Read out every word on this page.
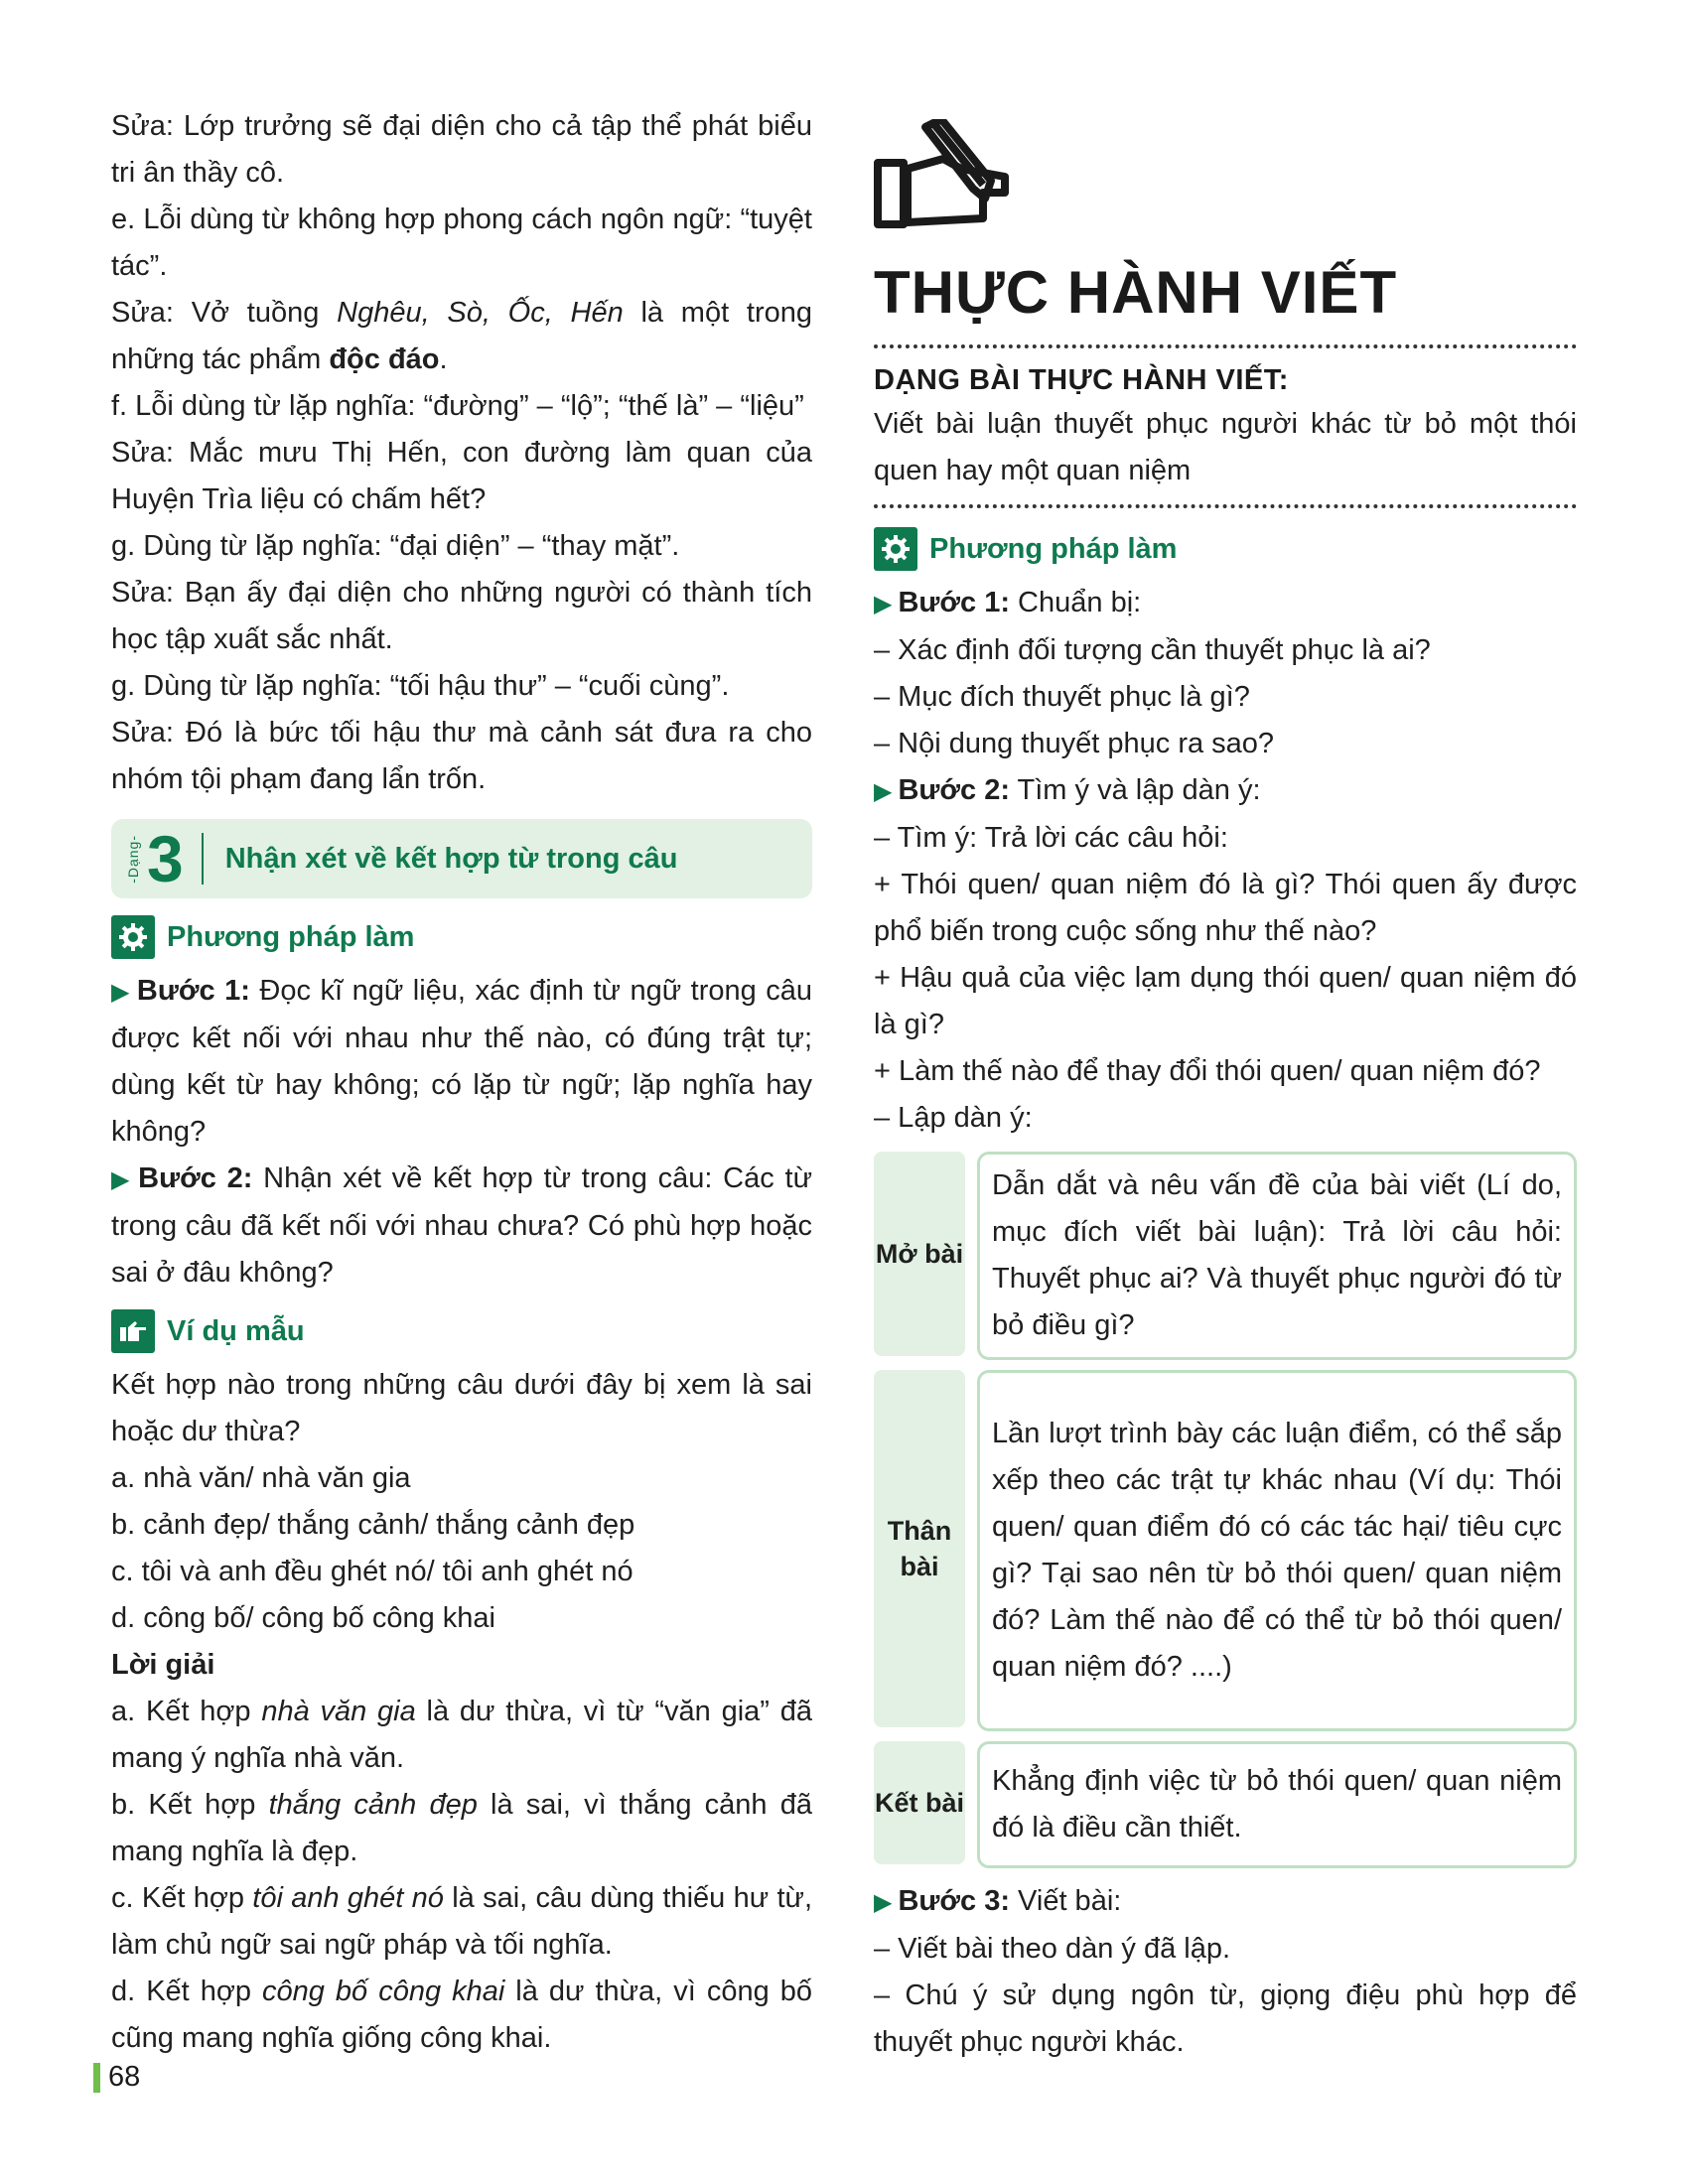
Sửa: Lớp trưởng sẽ đại diện cho cả tập thể phát biểu tri ân thầy cô.

e. Lỗi dùng từ không hợp phong cách ngôn ngữ: “tuyệt tác”.

Sửa: Vở tuồng Nghêu, Sò, Ốc, Hến là một trong những tác phẩm độc đáo.

f. Lỗi dùng từ lặp nghĩa: “đường” – “lộ”; “thế là” – “liệu”

Sửa: Mắc mưu Thị Hến, con đường làm quan của Huyện Trìa liệu có chấm hết?

g. Dùng từ lặp nghĩa: “đại diện” – “thay mặt”.

Sửa: Bạn ấy đại diện cho những người có thành tích học tập xuất sắc nhất.

g. Dùng từ lặp nghĩa: “tối hậu thư” – “cuối cùng”.

Sửa: Đó là bức tối hậu thư mà cảnh sát đưa ra cho nhóm tội phạm đang lẩn trốn.

-Dạng- 3 Nhận xét về kết hợp từ trong câu
Phương pháp làm

▶ Bước 1: Đọc kĩ ngữ liệu, xác định từ ngữ trong câu được kết nối với nhau như thế nào, có đúng trật tự; dùng kết từ hay không; có lặp từ ngữ; lặp nghĩa hay không?

▶ Bước 2: Nhận xét về kết hợp từ trong câu: Các từ trong câu đã kết nối với nhau chưa? Có phù hợp hoặc sai ở đâu không?

Ví dụ mẫu

Kết hợp nào trong những câu dưới đây bị xem là sai hoặc dư thừa?

a. nhà văn/ nhà văn gia

b. cảnh đẹp/ thắng cảnh/ thắng cảnh đẹp

c. tôi và anh đều ghét nó/ tôi anh ghét nó

d. công bố/ công bố công khai

Lời giải

a. Kết hợp nhà văn gia là dư thừa, vì từ “văn gia” đã mang ý nghĩa nhà văn.

b. Kết hợp thắng cảnh đẹp là sai, vì thắng cảnh đã mang nghĩa là đẹp.

c. Kết hợp tôi anh ghét nó là sai, câu dùng thiếu hư từ, làm chủ ngữ sai ngữ pháp và tối nghĩa.

d. Kết hợp công bố công khai là dư thừa, vì công bố cũng mang nghĩa giống công khai.

THỰC HÀNH VIẾT
DẠNG BÀI THỰC HÀNH VIẾT:

Viết bài luận thuyết phục người khác từ bỏ một thói quen hay một quan niệm

Phương pháp làm

▶ Bước 1: Chuẩn bị:

– Xác định đối tượng cần thuyết phục là ai?

– Mục đích thuyết phục là gì?

– Nội dung thuyết phục ra sao?

▶ Bước 2: Tìm ý và lập dàn ý:

– Tìm ý: Trả lời các câu hỏi:

+ Thói quen/ quan niệm đó là gì? Thói quen ấy được phổ biến trong cuộc sống như thế nào?

+ Hậu quả của việc lạm dụng thói quen/ quan niệm đó là gì?

+ Làm thế nào để thay đổi thói quen/ quan niệm đó?

– Lập dàn ý:

Mở bài
Dẫn dắt và nêu vấn đề của bài viết (Lí do, mục đích viết bài luận): Trả lời câu hỏi: Thuyết phục ai? Và thuyết phục người đó từ bỏ điều gì?
Thân bài
Lần lượt trình bày các luận điểm, có thể sắp xếp theo các trật tự khác nhau (Ví dụ: Thói quen/ quan điểm đó có các tác hại/ tiêu cực gì? Tại sao nên từ bỏ thói quen/ quan niệm đó? Làm thế nào để có thể từ bỏ thói quen/ quan niệm đó? ....)
Kết bài
Khẳng định việc từ bỏ thói quen/ quan niệm đó là điều cần thiết.

▶ Bước 3: Viết bài:

– Viết bài theo dàn ý đã lập.

– Chú ý sử dụng ngôn từ, giọng điệu phù hợp để thuyết phục người khác.

68
